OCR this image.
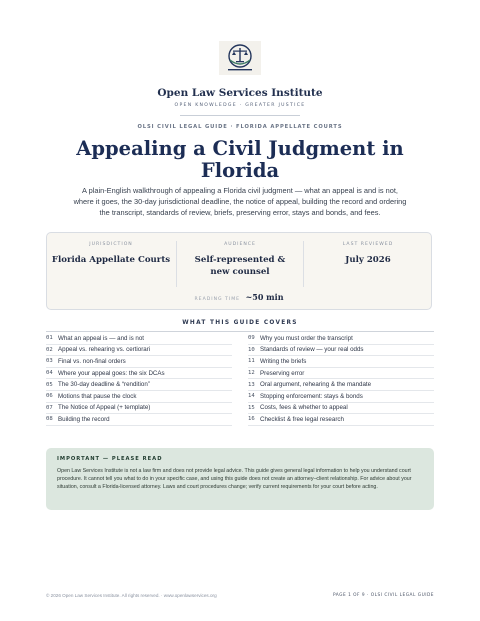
Open Law Services Institute
OPEN KNOWLEDGE · GREATER JUSTICE
OLSI CIVIL LEGAL GUIDE · FLORIDA APPELLATE COURTS
Appealing a Civil Judgment in Florida

A plain-English walkthrough of appealing a Florida civil judgment — what an appeal is and is not, where it goes, the 30-day jurisdictional deadline, the notice of appeal, building the record and ordering the transcript, standards of review, briefs, preserving error, stays and bonds, and fees.

JURISDICTION
Florida Appellate Courts
AUDIENCE
Self-represented & new counsel
LAST REVIEWED
July 2026
READING TIME ~50 min
WHAT THIS GUIDE COVERS
01 What an appeal is — and is not
02 Appeal vs. rehearing vs. certiorari
03 Final vs. non-final orders
04 Where your appeal goes: the six DCAs
05 The 30-day deadline & “rendition”
06 Motions that pause the clock
07 The Notice of Appeal (+ template)
08 Building the record
09 Why you must order the transcript
10 Standards of review — your real odds
11 Writing the briefs
12 Preserving error
13 Oral argument, rehearing & the mandate
14 Stopping enforcement: stays & bonds
15 Costs, fees & whether to appeal
16 Checklist & free legal research
IMPORTANT — PLEASE READ
Open Law Services Institute is not a law firm and does not provide legal advice. This guide gives general legal information to help you understand court procedure. It cannot tell you what to do in your specific case, and using this guide does not create an attorney–client relationship. For advice about your situation, consult a Florida-licensed attorney. Laws and court procedures change; verify current requirements for your court before acting.
© 2026 Open Law Services Institute. All rights reserved. · www.openlawservices.org	PAGE 1 OF 9 · OLSI CIVIL LEGAL GUIDE
